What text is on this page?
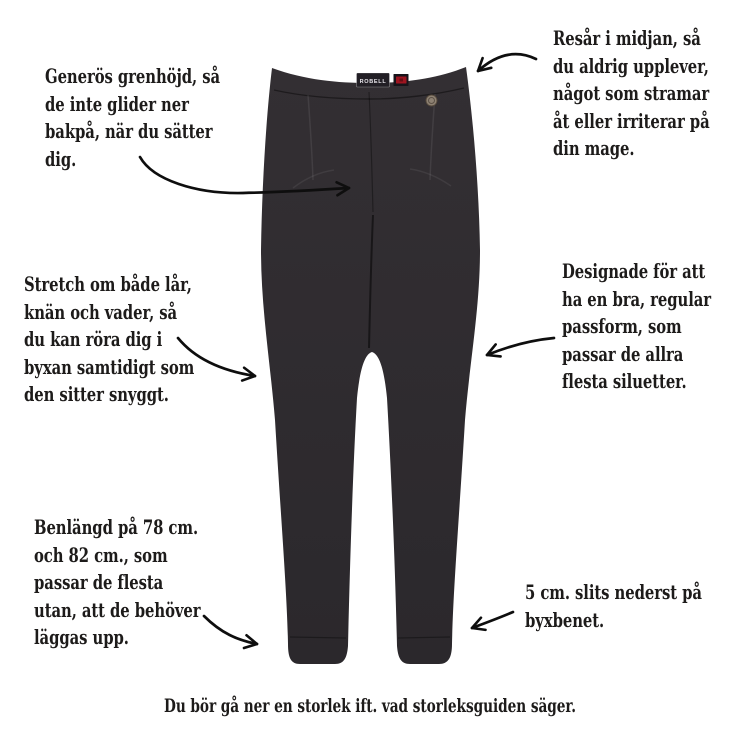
ROBELL
Generös grenhöjd, så
de inte glider ner
bakpå, när du sätter
dig.
Resår i midjan, så
du aldrig upplever,
något som stramar
åt eller irriterar på
din mage.
Stretch om både lår,
knän och vader, så
du kan röra dig i
byxan samtidigt som
den sitter snyggt.
Designade för att
ha en bra, regular
passform, som
passar de allra
flesta siluetter.
Benlängd på 78 cm.
och 82 cm., som
passar de flesta
utan, att de behöver
läggas upp.
5 cm. slits nederst på
byxbenet.
Du bör gå ner en storlek ift. vad storleksguiden säger.
